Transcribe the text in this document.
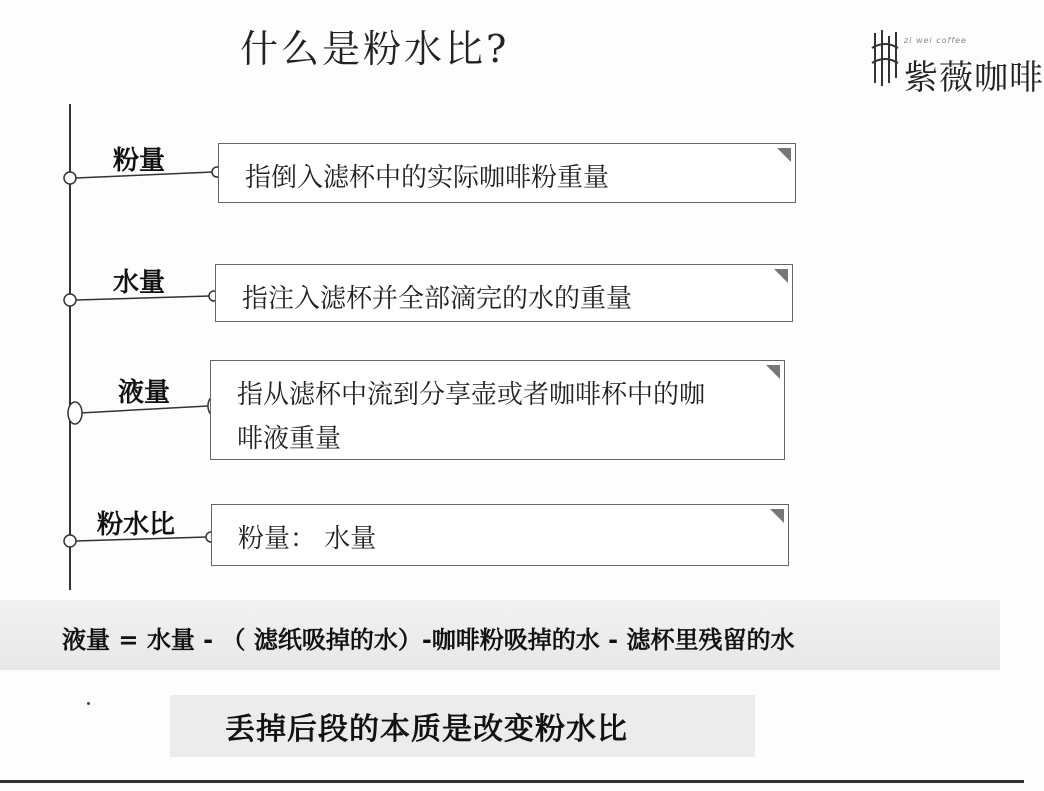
什么是粉水比?	zi wei coffee
紫薇咖啡
粉量
指倒入滤杯中的实际咖啡粉重量
水量
指注入滤杯并全部滴完的水的重量
液量	指从滤杯中流到分享壶或者咖啡杯中的咖啡液重量
粉水比	粉量： 水量
液量 = 水量 - （ 滤纸吸掉的水）-咖啡粉吸掉的水 - 滤杯里残留的水
丢掉后段的本质是改变粉水比
